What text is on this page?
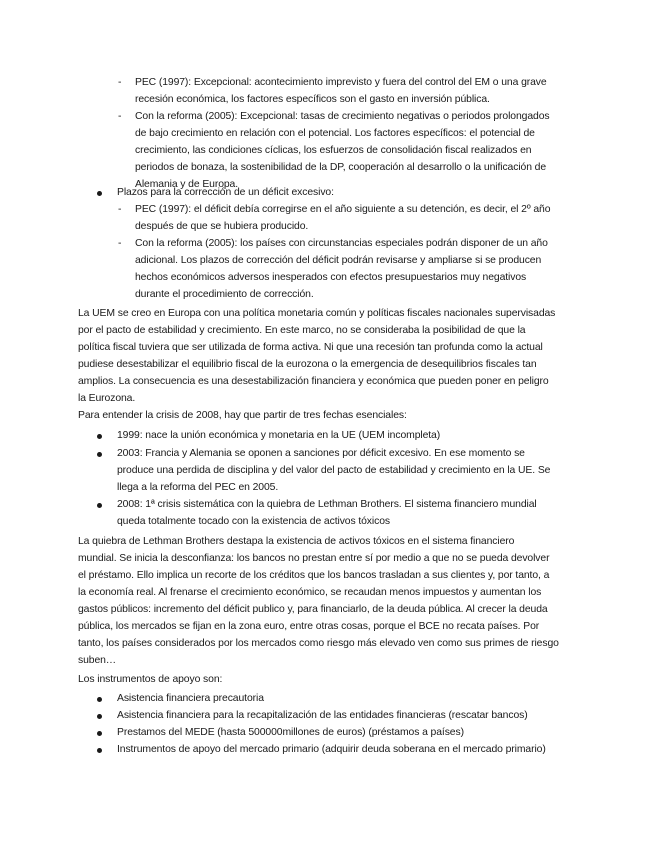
- PEC (1997): Excepcional: acontecimiento imprevisto y fuera del control del EM o una grave
recesión económica, los factores específicos son el gasto en inversión pública.
- Con la reforma (2005): Excepcional: tasas de crecimiento negativas o periodos prolongados
de bajo crecimiento en relación con el potencial. Los factores específicos: el potencial de
crecimiento, las condiciones cíclicas, los esfuerzos de consolidación fiscal realizados en
periodos de bonaza, la sostenibilidad de la DP, cooperación al desarrollo o la unificación de
Alemania y de Europa.
Plazos para la corrección de un déficit excesivo:
- PEC (1997): el déficit debía corregirse en el año siguiente a su detención, es decir, el 2º año
después de que se hubiera producido.
- Con la reforma (2005): los países con circunstancias especiales podrán disponer de un año
adicional. Los plazos de corrección del déficit podrán revisarse y ampliarse si se producen
hechos económicos adversos inesperados con efectos presupuestarios muy negativos
durante el procedimiento de corrección.
La UEM se creo en Europa con una política monetaria común y políticas fiscales nacionales supervisadas
por el pacto de estabilidad y crecimiento. En este marco, no se consideraba la posibilidad de que la
política fiscal tuviera que ser utilizada de forma activa. Ni que una recesión tan profunda como la actual
pudiese desestabilizar el equilibrio fiscal de la eurozona o la emergencia de desequilibrios fiscales tan
amplios. La consecuencia es una desestabilización financiera y económica que pueden poner en peligro
la Eurozona.
Para entender la crisis de 2008, hay que partir de tres fechas esenciales:
1999: nace la unión económica y monetaria en la UE (UEM incompleta)
2003: Francia y Alemania se oponen a sanciones por déficit excesivo. En ese momento se
produce una perdida de disciplina y del valor del pacto de estabilidad y crecimiento en la UE. Se
llega a la reforma del PEC en 2005.
2008: 1ª crisis sistemática con la quiebra de Lethman Brothers. El sistema financiero mundial
queda totalmente tocado con la existencia de activos tóxicos
La quiebra de Lethman Brothers destapa la existencia de activos tóxicos en el sistema financiero
mundial. Se inicia la desconfianza: los bancos no prestan entre sí por medio a que no se pueda devolver
el préstamo. Ello implica un recorte de los créditos que los bancos trasladan a sus clientes y, por tanto, a
la economía real. Al frenarse el crecimiento económico, se recaudan menos impuestos y aumentan los
gastos públicos: incremento del déficit publico y, para financiarlo, de la deuda pública. Al crecer la deuda
pública, los mercados se fijan en la zona euro, entre otras cosas, porque el BCE no recata países. Por
tanto, los países considerados por los mercados como riesgo más elevado ven como sus primes de riesgo
suben…
Los instrumentos de apoyo son:
Asistencia financiera precautoria
Asistencia financiera para la recapitalización de las entidades financieras (rescatar bancos)
Prestamos del MEDE (hasta 500000millones de euros) (préstamos a países)
Instrumentos de apoyo del mercado primario (adquirir deuda soberana en el mercado primario)
